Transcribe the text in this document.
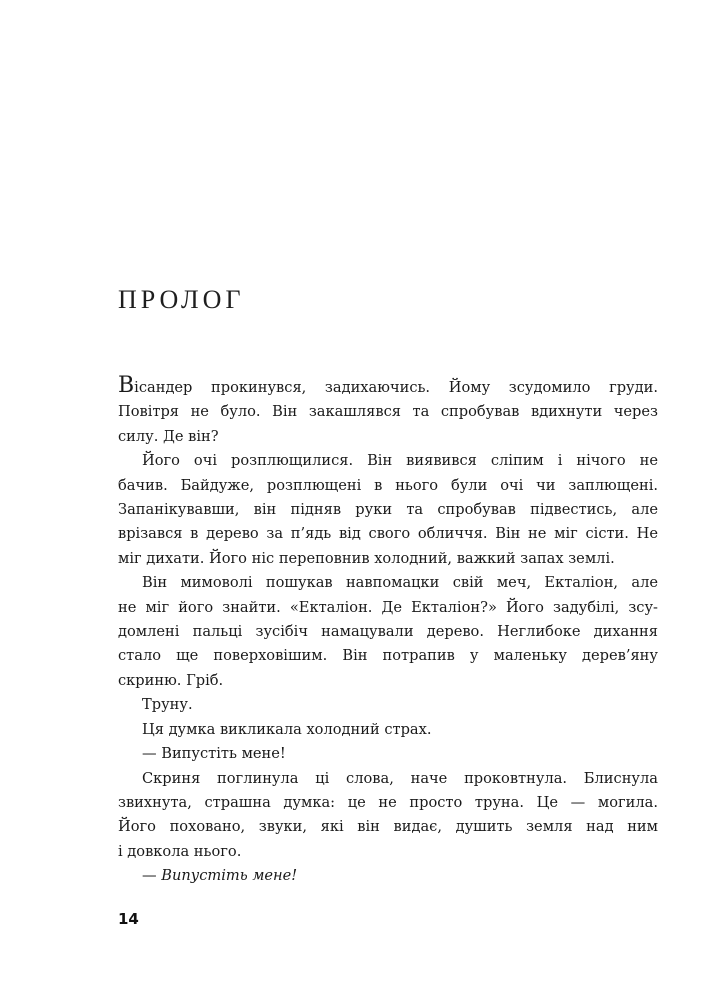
ПРОЛОГ
Вісандер прокинувся, задихаючись. Йому зсудомило груди.
Повітря не було. Він закашлявся та спробував вдихнути через
силу. Де він?
Його очі розплющилися. Він виявився сліпим і нічого не
бачив. Байдуже, розплющені в нього були очі чи заплющені.
Запанікувавши, він підняв руки та спробував підвестись, але
врізався в дерево за п’ядь від свого обличчя. Він не міг сісти. Не
міг дихати. Його ніс переповнив холодний, важкий запах землі.
Він мимоволі пошукав навпомацки свій меч, Екталіон, але
не міг його знайти. «Екталіон. Де Екталіон?» Його задубілі, зсу-
домлені пальці зусібіч намацували дерево. Неглибоке дихання
стало ще поверховішим. Він потрапив у маленьку дерев’яну
скриню. Гріб.
Труну.
Ця думка викликала холодний страх.
— Випустіть мене!
Скриня поглинула ці слова, наче проковтнула. Блиснула
звихнута, страшна думка: це не просто труна. Це — могила.
Його поховано, звуки, які він видає, душить земля над ним
і довкола нього.
— Випустіть мене!
14
